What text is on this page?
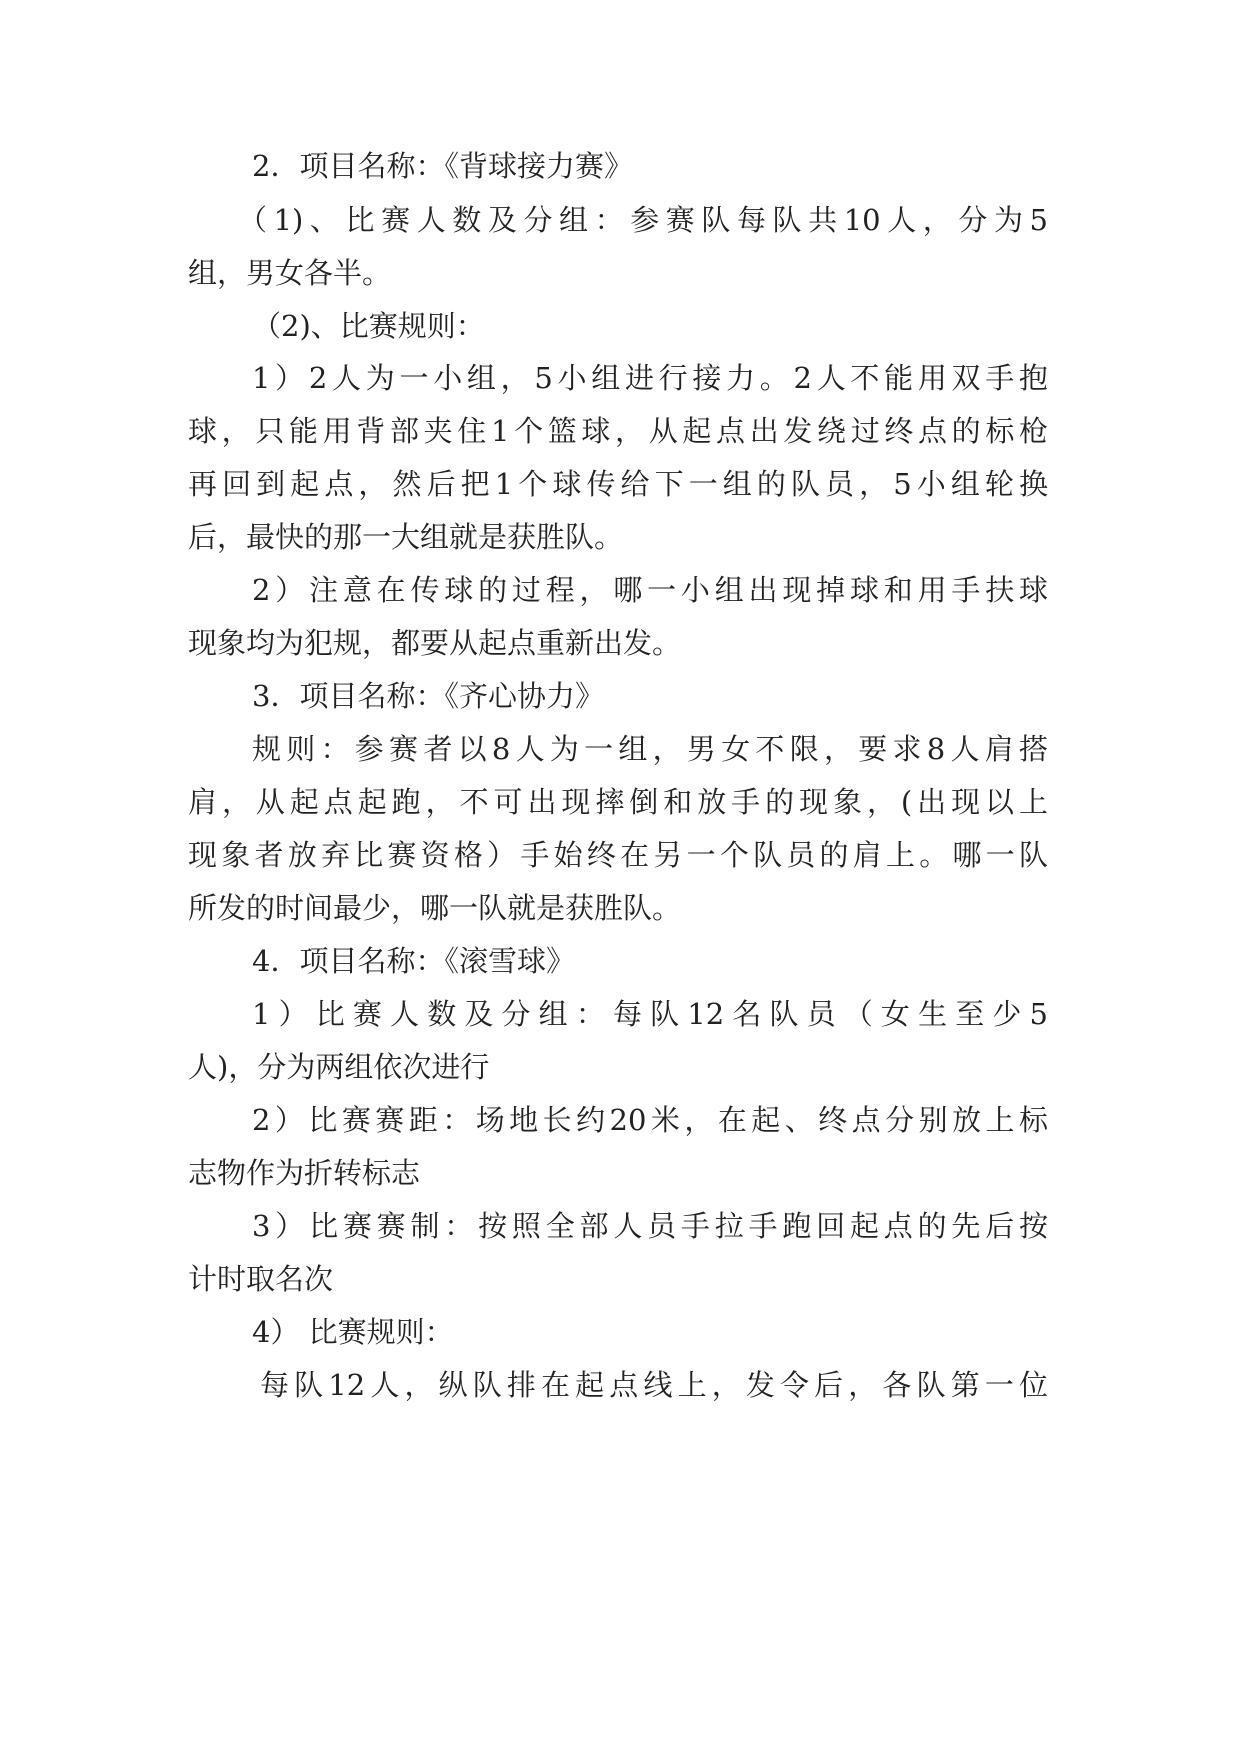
2．项目名称：《背球接力赛》
（1)、比赛人数及分组：参赛队每队共10人，分为5
组，男女各半。
（2)、比赛规则：
1）2人为一小组，5小组进行接力。2人不能用双手抱
球，只能用背部夹住1个篮球，从起点出发绕过终点的标枪
再回到起点，然后把1个球传给下一组的队员，5小组轮换
后，最快的那一大组就是获胜队。
2）注意在传球的过程，哪一小组出现掉球和用手扶球
现象均为犯规，都要从起点重新出发。
3．项目名称：《齐心协力》
规则：参赛者以8人为一组，男女不限，要求8人肩搭
肩，从起点起跑，不可出现摔倒和放手的现象，(出现以上
现象者放弃比赛资格）手始终在另一个队员的肩上。哪一队
所发的时间最少，哪一队就是获胜队。
4．项目名称：《滚雪球》
1）比赛人数及分组：每队12名队员（女生至少5
人)，分为两组依次进行
2）比赛赛距：场地长约20米，在起、终点分别放上标
志物作为折转标志
3）比赛赛制：按照全部人员手拉手跑回起点的先后按
计时取名次
4） 比赛规则：
每队12人，纵队排在起点线上，发令后，各队第一位
